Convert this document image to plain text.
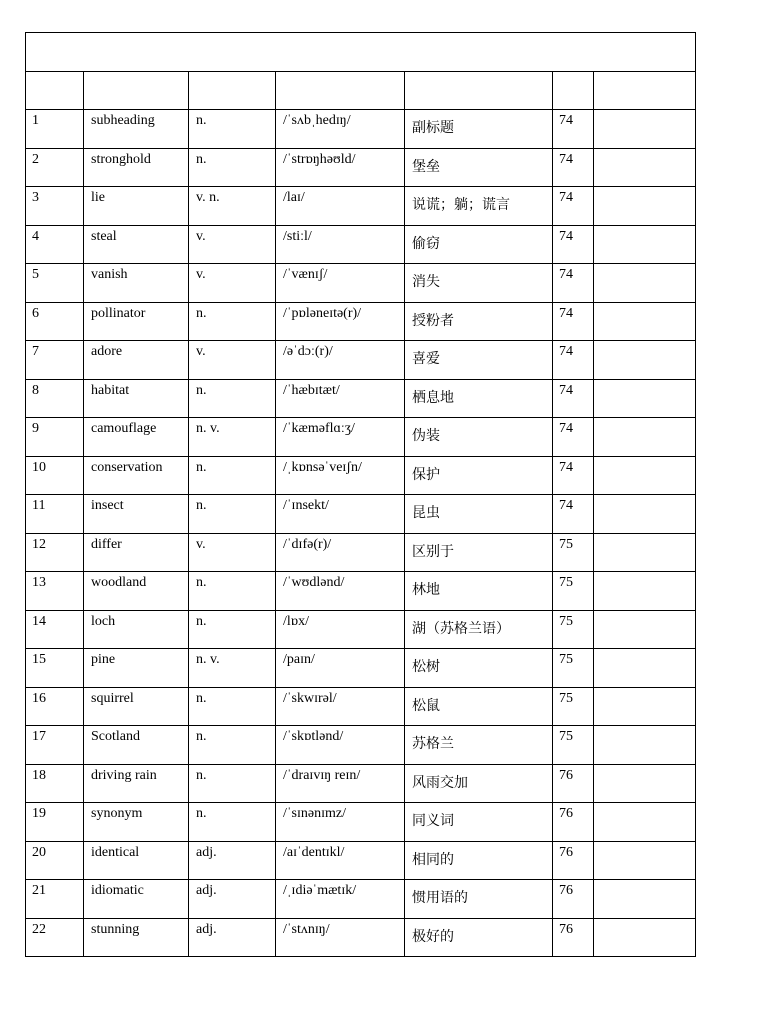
1	subheading	n.	/ˈsʌbˌhedɪŋ/	副标题	74	

2	stronghold	n.	/ˈstrɒŋhəʊld/	堡垒	74	

3	lie	v. n.	/laɪ/	说谎；躺；谎言	74	

4	steal	v.	/stiːl/	偷窃	74	

5	vanish	v.	/ˈvænɪʃ/	消失	74	

6	pollinator	n.	/ˈpɒləneɪtə(r)/	授粉者	74	

7	adore	v.	/əˈdɔː(r)/	喜爱	74	

8	habitat	n.	/ˈhæbɪtæt/	栖息地	74	

9	camouflage	n. v.	/ˈkæməflɑːʒ/	伪装	74	

10	conservation	n.	/ˌkɒnsəˈveɪʃn/	保护	74	

11	insect	n.	/ˈɪnsekt/	昆虫	74	

12	differ	v.	/ˈdɪfə(r)/	区别于	75	

13	woodland	n.	/ˈwʊdlənd/	林地	75	

14	loch	n.	/lɒx/	湖（苏格兰语）	75	

15	pine	n. v.	/paɪn/	松树	75	

16	squirrel	n.	/ˈskwɪrəl/	松鼠	75	

17	Scotland	n.	/ˈskɒtlənd/	苏格兰	75	

18	driving rain	n.	/ˈdraɪvɪŋ reɪn/	风雨交加	76	

19	synonym	n.	/ˈsɪnənɪmz/	同义词	76	

20	identical	adj.	/aɪˈdentɪkl/	相同的	76	

21	idiomatic	adj.	/ˌɪdiəˈmætɪk/	惯用语的	76	

22	stunning	adj.	/ˈstʌnɪŋ/	极好的	76	
